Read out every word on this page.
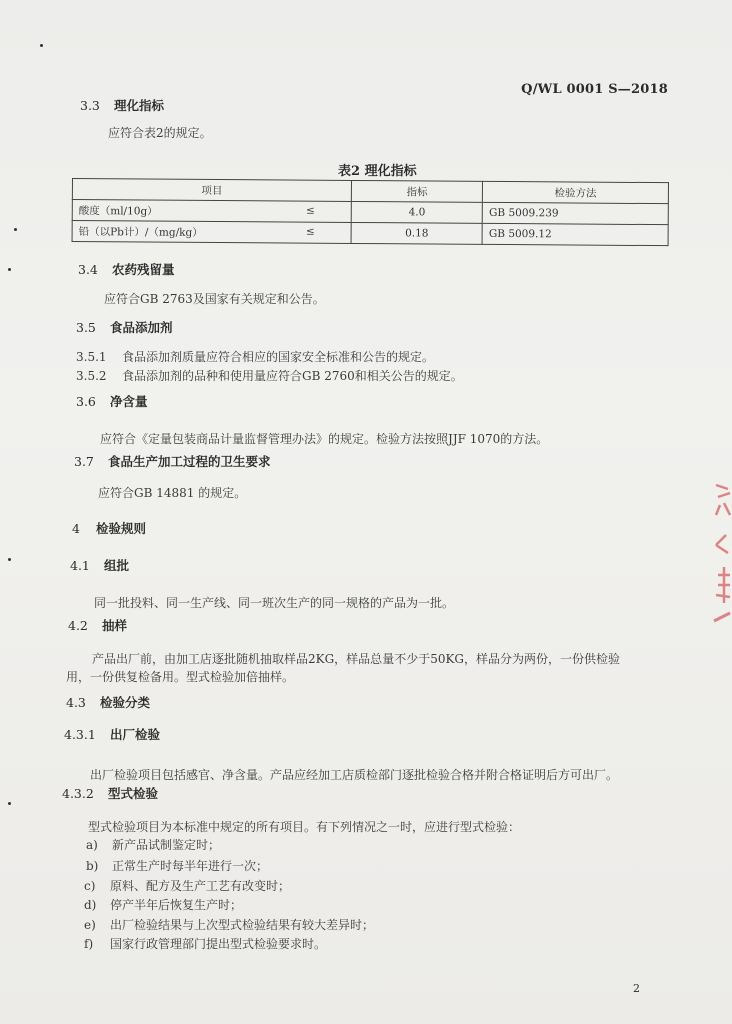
Q/WL 0001 S—2018
3.3 理化指标
应符合表2的规定。
表2 理化指标
项目	指标	检验方法
酸度（ml/10g） ≤	4.0	GB 5009.239
铅（以Pb计）/（mg/kg） ≤	0.18	GB 5009.12
3.4 农药残留量
应符合GB 2763及国家有关规定和公告。
3.5 食品添加剂
3.5.1 食品添加剂质量应符合相应的国家安全标准和公告的规定。
3.5.2 食品添加剂的品种和使用量应符合GB 2760和相关公告的规定。
3.6 净含量
应符合《定量包装商品计量监督管理办法》的规定。检验方法按照JJF 1070的方法。
3.7 食品生产加工过程的卫生要求
应符合GB 14881 的规定。
4 检验规则
4.1 组批
同一批投料、同一生产线、同一班次生产的同一规格的产品为一批。
4.2 抽样
产品出厂前，由加工店逐批随机抽取样品2KG，样品总量不少于50KG，样品分为两份，一份供检验
用，一份供复检备用。型式检验加倍抽样。
4.3 检验分类
4.3.1 出厂检验
出厂检验项目包括感官、净含量。产品应经加工店质检部门逐批检验合格并附合格证明后方可出厂。
4.3.2 型式检验
型式检验项目为本标准中规定的所有项目。有下列情况之一时，应进行型式检验：
a) 新产品试制鉴定时；
b) 正常生产时每半年进行一次；
c) 原料、配方及生产工艺有改变时；
d) 停产半年后恢复生产时；
e) 出厂检验结果与上次型式检验结果有较大差异时；
f) 国家行政管理部门提出型式检验要求时。
2
